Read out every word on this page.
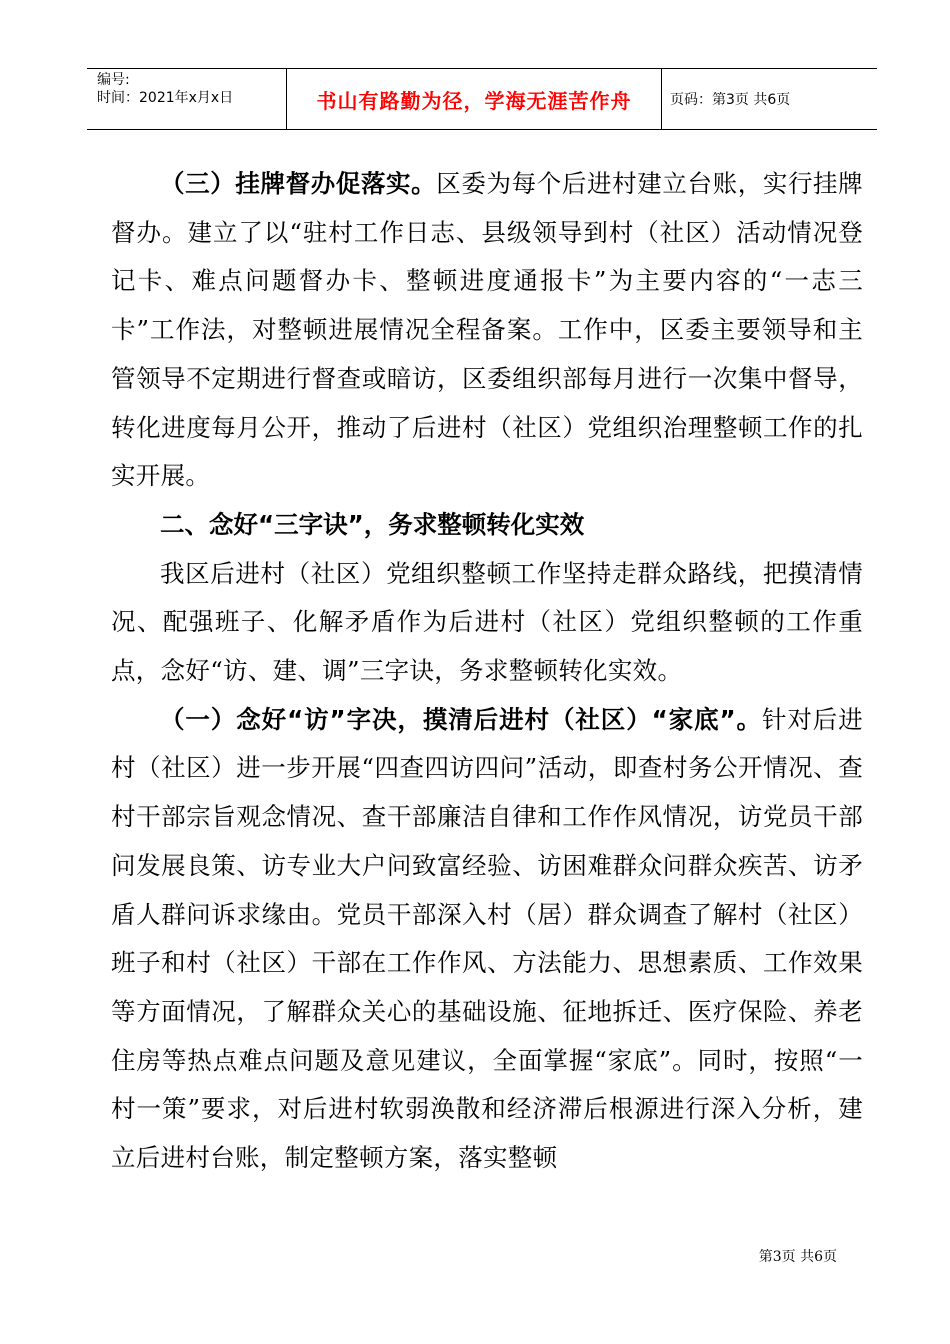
编号:
时间：2021年x月x日	书山有路勤为径，学海无涯苦作舟	页码：第3页 共6页

（三）挂牌督办促落实。区委为每个后进村建立台账，实行挂牌督办。建立了以“驻村工作日志、县级领导到村（社区）活动情况登记卡、难点问题督办卡、整顿进度通报卡”为主要内容的“一志三卡”工作法，对整顿进展情况全程备案。工作中，区委主要领导和主管领导不定期进行督查或暗访，区委组织部每月进行一次集中督导，转化进度每月公开，推动了后进村（社区）党组织治理整顿工作的扎实开展。

二、念好“三字诀”，务求整顿转化实效

我区后进村（社区）党组织整顿工作坚持走群众路线，把摸清情况、配强班子、化解矛盾作为后进村（社区）党组织整顿的工作重点，念好“访、建、调”三字诀，务求整顿转化实效。

（一）念好“访”字决，摸清后进村（社区）“家底”。针对后进村（社区）进一步开展“四查四访四问”活动，即查村务公开情况、查村干部宗旨观念情况、查干部廉洁自律和工作作风情况，访党员干部问发展良策、访专业大户问致富经验、访困难群众问群众疾苦、访矛盾人群问诉求缘由。党员干部深入村（居）群众调查了解村（社区）班子和村（社区）干部在工作作风、方法能力、思想素质、工作效果等方面情况，了解群众关心的基础设施、征地拆迁、医疗保险、养老住房等热点难点问题及意见建议，全面掌握“家底”。同时，按照“一村一策”要求，对后进村软弱涣散和经济滞后根源进行深入分析，建立后进村台账，制定整顿方案，落实整顿

第3页 共6页
